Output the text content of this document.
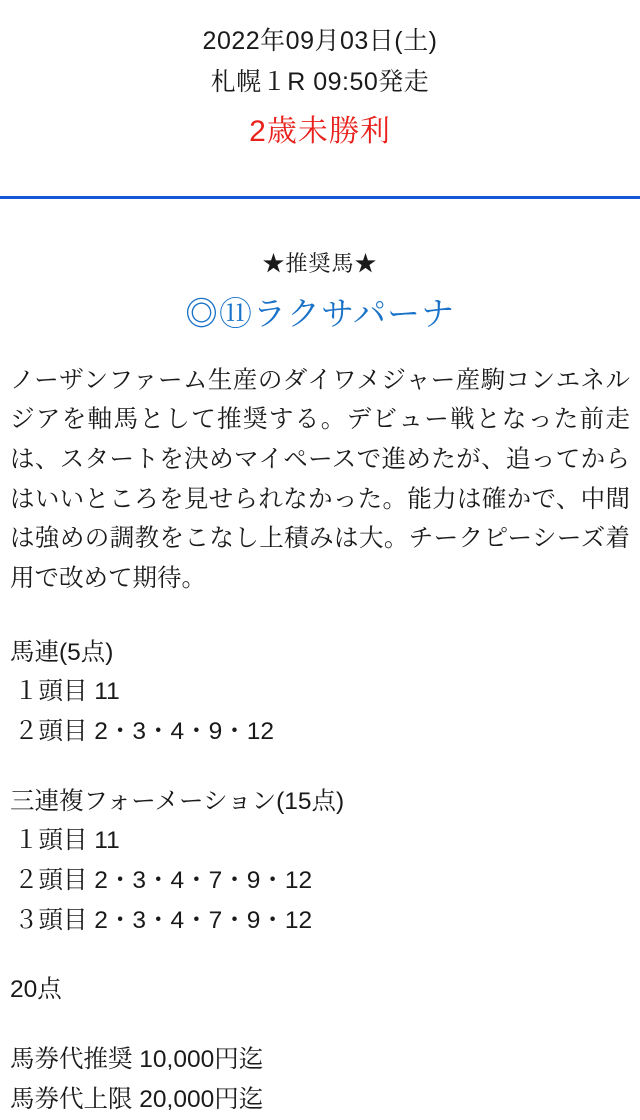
2022年09月03日(土)
札幌１R 09:50発走
2歳未勝利
★推奨馬★
◎⑪ラクサパーナ
ノーザンファーム生産のダイワメジャー産駒コンエネルジアを軸馬として推奨する。デビュー戦となった前走は、スタートを決めマイペースで進めたが、追ってからはいいところを見せられなかった。能力は確かで、中間は強めの調教をこなし上積みは大。チークピーシーズ着用で改めて期待。
馬連(5点)
１頭目 11
２頭目 2・3・4・9・12
三連複フォーメーション(15点)
１頭目 11
２頭目 2・3・4・7・9・12
３頭目 2・3・4・7・9・12
20点
馬券代推奨 10,000円迄
馬券代上限 20,000円迄
